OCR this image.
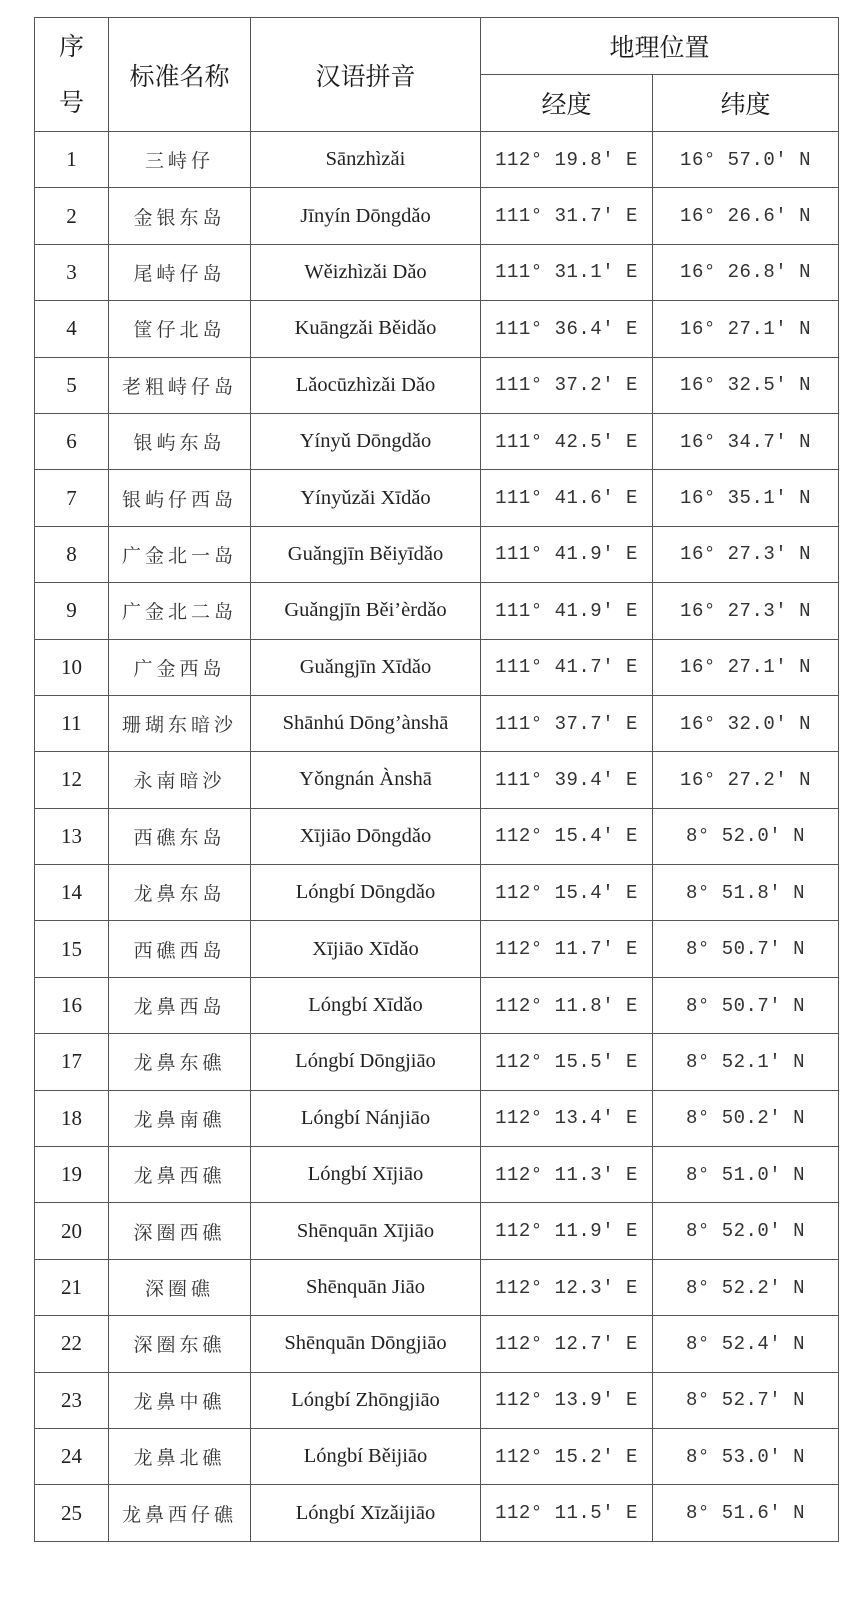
序
号	标准名称	汉语拼音	地理位置	
			经度	纬度
1	三峙仔	Sānzhìzǎi	112° 19.8′ E	16° 57.0′ N
2	金银东岛	Jīnyín Dōngdǎo	111° 31.7′ E	16° 26.6′ N
3	尾峙仔岛	Wěizhìzǎi Dǎo	111° 31.1′ E	16° 26.8′ N
4	筐仔北岛	Kuāngzǎi Běidǎo	111° 36.4′ E	16° 27.1′ N
5	老粗峙仔岛	Lǎocūzhìzǎi Dǎo	111° 37.2′ E	16° 32.5′ N
6	银屿东岛	Yínyǔ Dōngdǎo	111° 42.5′ E	16° 34.7′ N
7	银屿仔西岛	Yínyǔzǎi Xīdǎo	111° 41.6′ E	16° 35.1′ N
8	广金北一岛	Guǎngjīn Běiyīdǎo	111° 41.9′ E	16° 27.3′ N
9	广金北二岛	Guǎngjīn Běi’èrdǎo	111° 41.9′ E	16° 27.3′ N
10	广金西岛	Guǎngjīn Xīdǎo	111° 41.7′ E	16° 27.1′ N
11	珊瑚东暗沙	Shānhú Dōng’ànshā	111° 37.7′ E	16° 32.0′ N
12	永南暗沙	Yǒngnán Ànshā	111° 39.4′ E	16° 27.2′ N
13	西礁东岛	Xījiāo Dōngdǎo	112° 15.4′ E	8° 52.0′ N
14	龙鼻东岛	Lóngbí Dōngdǎo	112° 15.4′ E	8° 51.8′ N
15	西礁西岛	Xījiāo Xīdǎo	112° 11.7′ E	8° 50.7′ N
16	龙鼻西岛	Lóngbí Xīdǎo	112° 11.8′ E	8° 50.7′ N
17	龙鼻东礁	Lóngbí Dōngjiāo	112° 15.5′ E	8° 52.1′ N
18	龙鼻南礁	Lóngbí Nánjiāo	112° 13.4′ E	8° 50.2′ N
19	龙鼻西礁	Lóngbí Xījiāo	112° 11.3′ E	8° 51.0′ N
20	深圈西礁	Shēnquān Xījiāo	112° 11.9′ E	8° 52.0′ N
21	深圈礁	Shēnquān Jiāo	112° 12.3′ E	8° 52.2′ N
22	深圈东礁	Shēnquān Dōngjiāo	112° 12.7′ E	8° 52.4′ N
23	龙鼻中礁	Lóngbí Zhōngjiāo	112° 13.9′ E	8° 52.7′ N
24	龙鼻北礁	Lóngbí Běijiāo	112° 15.2′ E	8° 53.0′ N
25	龙鼻西仔礁	Lóngbí Xīzǎijiāo	112° 11.5′ E	8° 51.6′ N
